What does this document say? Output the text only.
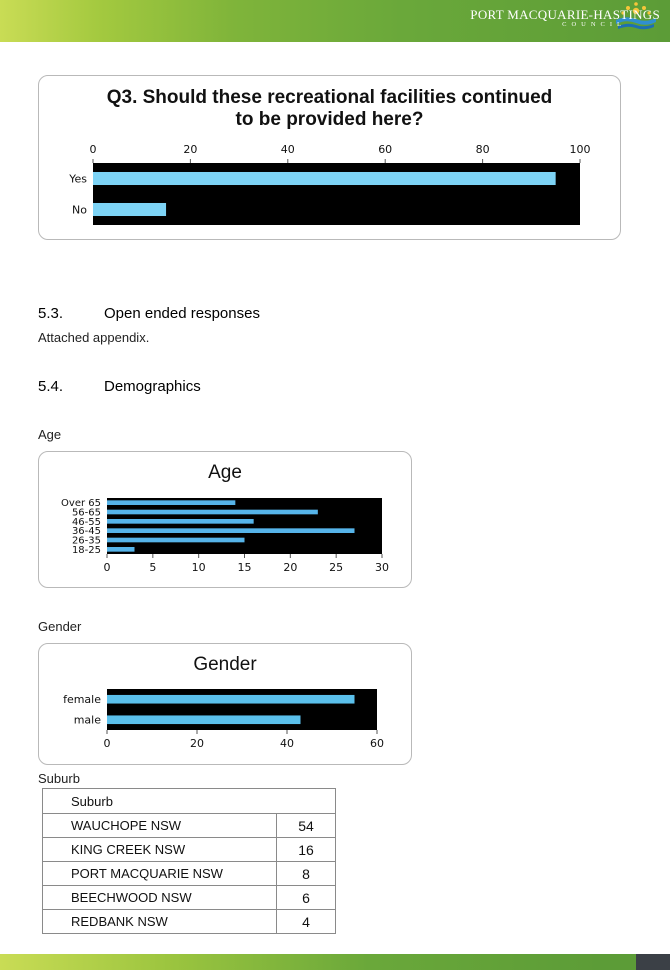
PORT MACQUARIE-HASTINGS
COUNCIL
Q3. Should these recreational facilities continued
to be provided here?
Yes
No
0	20	40	60	80	100
5.3.	Open ended responses
Attached appendix.
5.4.	Demographics
Age
Age
Over 65
56-65
46-55
36-45
26-35
18-25
0	5	10	15	20	25	30
Gender
Gender
female
male
0	20	40	60
Suburb
Suburb	
WAUCHOPE NSW	54
KING CREEK NSW	16
PORT MACQUARIE NSW	8
BEECHWOOD NSW	6
REDBANK NSW	4
